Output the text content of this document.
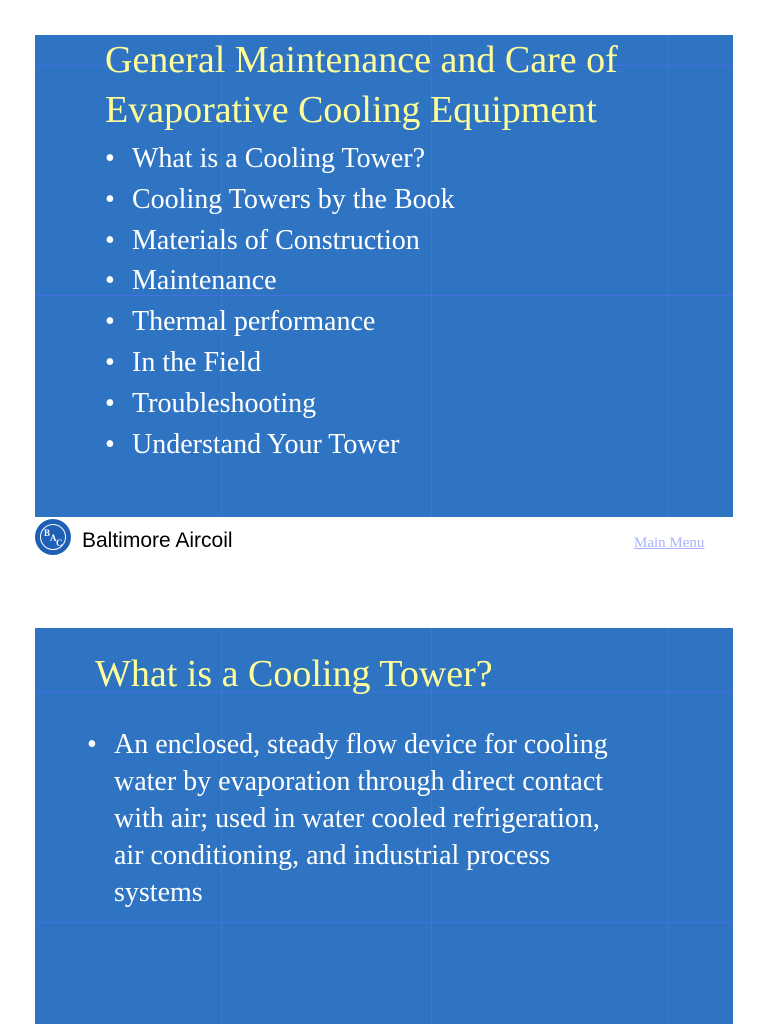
General Maintenance and Care of
Evaporative Cooling Equipment
• What is a Cooling Tower?
• Cooling Towers by the Book
• Materials of Construction
• Maintenance
• Thermal performance
• In the Field
• Troubleshooting
• Understand Your Tower
B A C Baltimore Aircoil	Main Menu
What is a Cooling Tower?
• An enclosed, steady flow device for cooling
water by evaporation through direct contact
with air; used in water cooled refrigeration,
air conditioning, and industrial process
systems
